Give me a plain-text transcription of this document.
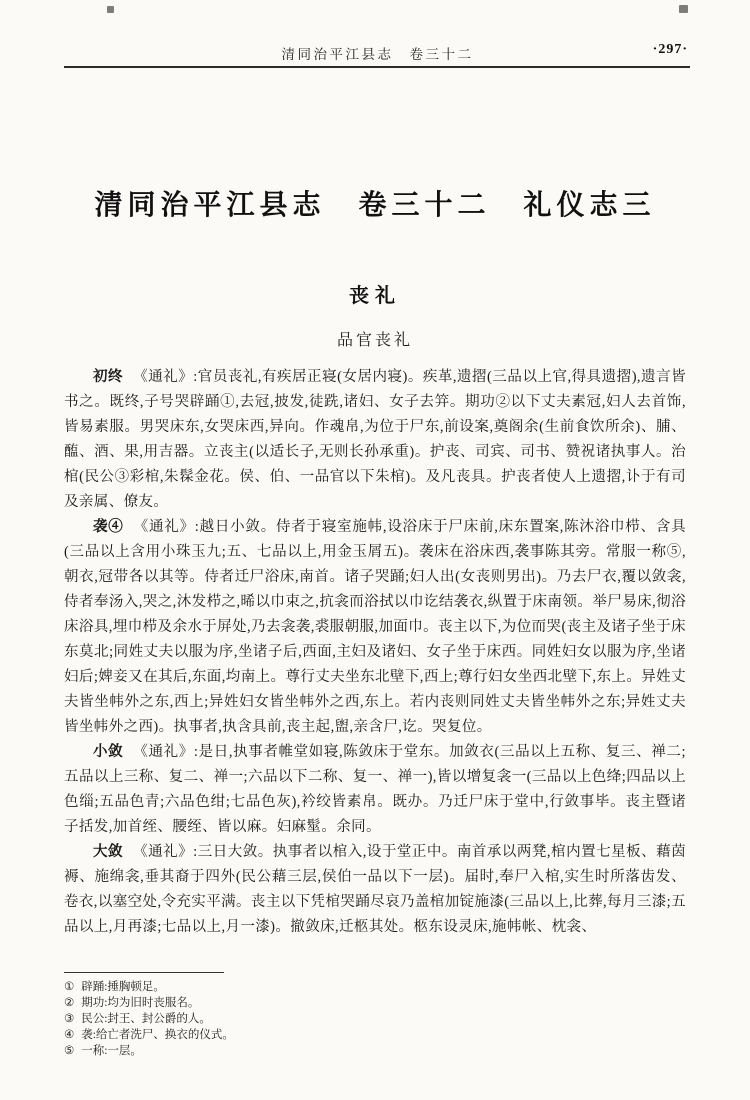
清同治平江县志　卷三十二	·297·
清同治平江县志　卷三十二　礼仪志三
丧礼
品官丧礼

初终 《通礼》:官员丧礼,有疾居正寝(女居内寝)。疾革,遗摺(三品以上官,得具遗摺),遗言皆书之。既终,子号哭辟踊①,去冠,披发,徒跣,诸妇、女子去笄。期功②以下丈夫素冠,妇人去首饰,皆易素服。男哭床东,女哭床西,异向。作魂帛,为位于尸东,前设案,奠阁余(生前食饮所余)、脯、醢、酒、果,用吉器。立丧主(以适长子,无则长孙承重)。护丧、司宾、司书、赞祝诸执事人。治棺(民公③彩棺,朱髹金花。侯、伯、一品官以下朱棺)。及凡丧具。护丧者使人上遗摺,讣于有司及亲属、僚友。

袭④ 《通礼》:越日小敛。侍者于寝室施帏,设浴床于尸床前,床东置案,陈沐浴巾栉、含具(三品以上含用小珠玉九;五、七品以上,用金玉屑五)。袭床在浴床西,袭事陈其旁。常服一称⑤,朝衣,冠带各以其等。侍者迁尸浴床,南首。诸子哭踊;妇人出(女丧则男出)。乃去尸衣,覆以敛衾,侍者奉汤入,哭之,沐发栉之,晞以巾束之,抗衾而浴拭以巾讫结袭衣,纵置于床南领。举尸易床,彻浴床浴具,埋巾栉及余水于屏处,乃去衾袭,裘服朝服,加面巾。丧主以下,为位而哭(丧主及诸子坐于床东莫北;同姓丈夫以服为序,坐诸子后,西面,主妇及诸妇、女子坐于床西。同姓妇女以服为序,坐诸妇后;婢妾又在其后,东面,均南上。尊行丈夫坐东北壁下,西上;尊行妇女坐西北壁下,东上。异姓丈夫皆坐帏外之东,西上;异姓妇女皆坐帏外之西,东上。若内丧则同姓丈夫皆坐帏外之东;异姓丈夫皆坐帏外之西)。执事者,执含具前,丧主起,盥,亲含尸,讫。哭复位。

小敛 《通礼》:是日,执事者帷堂如寝,陈敛床于堂东。加敛衣(三品以上五称、复三、禅二;五品以上三称、复二、禅一;六品以下二称、复一、禅一),皆以增复衾一(三品以上色绛;四品以上色缁;五品色青;六品色绀;七品色灰),衿绞皆素帛。既办。乃迁尸床于堂中,行敛事毕。丧主暨诸子括发,加首绖、腰绖、皆以麻。妇麻髽。余同。

大敛 《通礼》:三日大敛。执事者以棺入,设于堂正中。南首承以两凳,棺内置七星板、藉茵褥、施绵衾,垂其裔于四外(民公藉三层,侯伯一品以下一层)。届时,奉尸入棺,实生时所落齿发、卷衣,以塞空处,令充实平满。丧主以下凭棺哭踊尽哀乃盖棺加锭施漆(三品以上,比葬,每月三漆;五品以上,月再漆;七品以上,月一漆)。撤敛床,迁柩其处。柩东设灵床,施帏帐、枕衾、

① 辟踊:捶胸顿足。
② 期功:均为旧时丧服名。
③ 民公:封王、封公爵的人。
④ 袭:给亡者洗尸、换衣的仪式。
⑤ 一称:一层。
